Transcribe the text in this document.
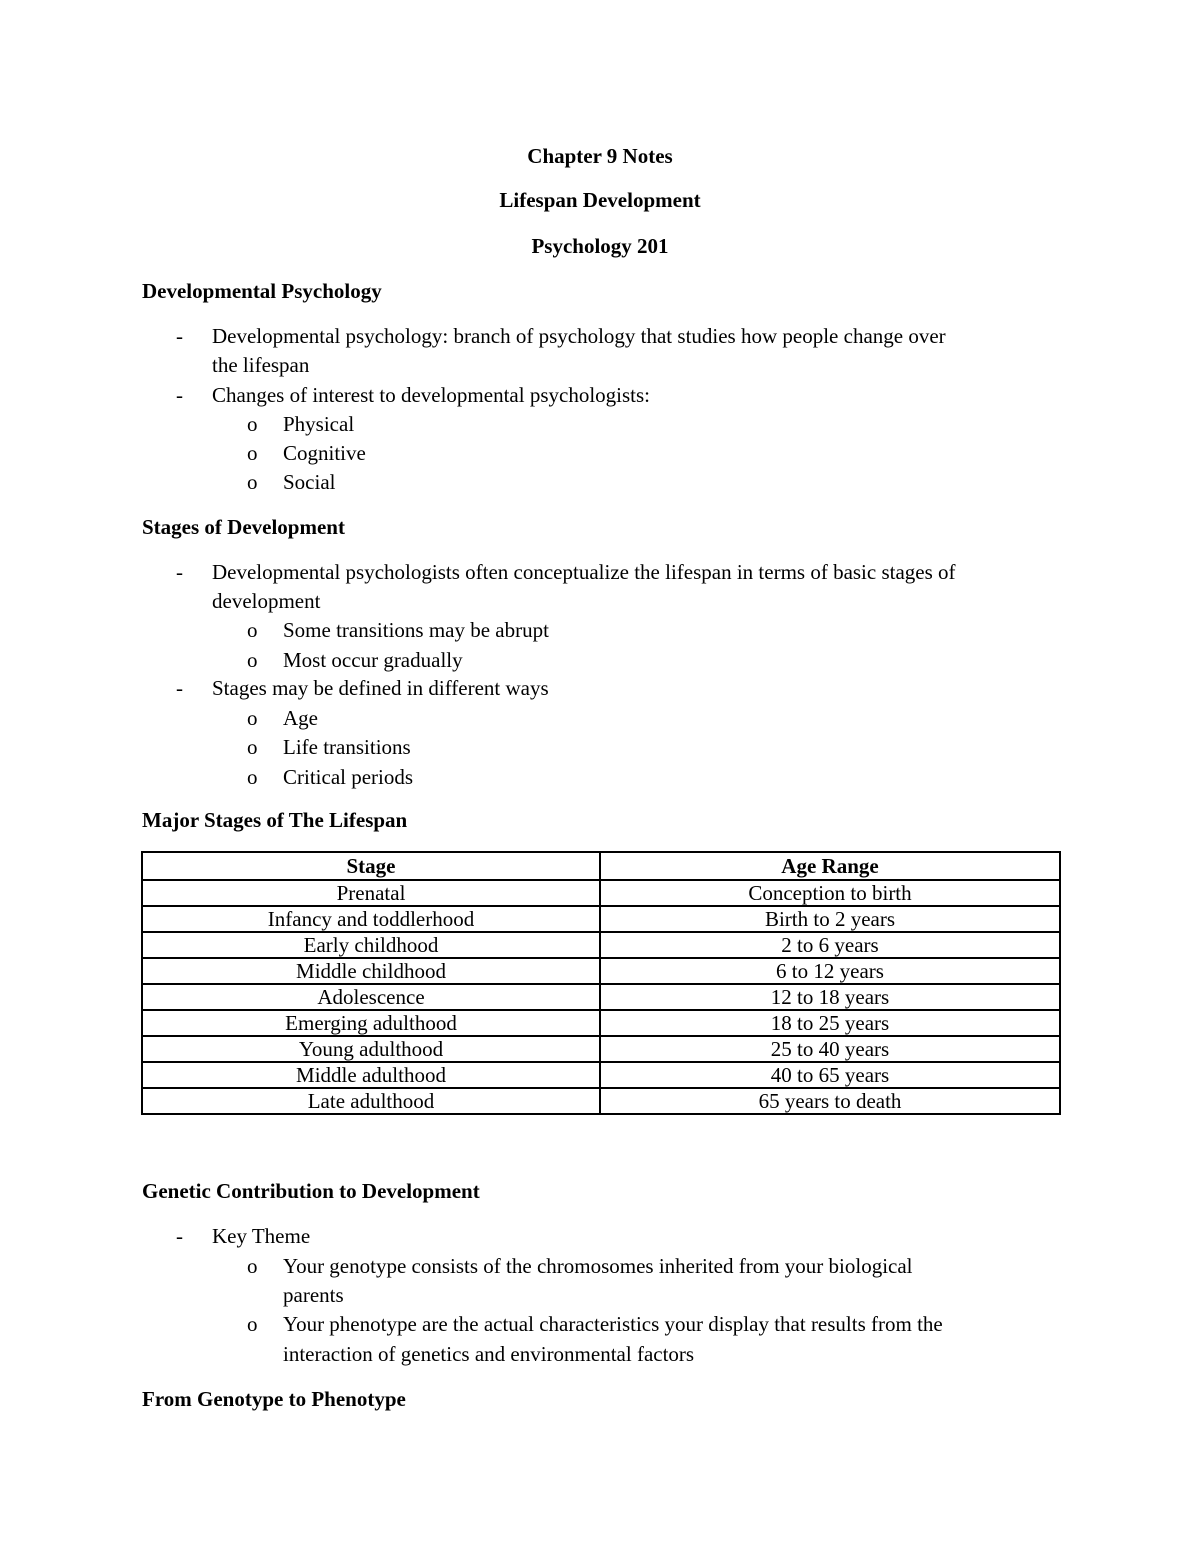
Chapter 9 Notes
Lifespan Development
Psychology 201
Developmental Psychology
- Developmental psychology: branch of psychology that studies how people change over
the lifespan
- Changes of interest to developmental psychologists:
o Physical
o Cognitive
o Social
Stages of Development
- Developmental psychologists often conceptualize the lifespan in terms of basic stages of
development
o Some transitions may be abrupt
o Most occur gradually
- Stages may be defined in different ways
o Age
o Life transitions
o Critical periods
Major Stages of The Lifespan
Stage	Age Range
Prenatal	Conception to birth
Infancy and toddlerhood	Birth to 2 years
Early childhood	2 to 6 years
Middle childhood	6 to 12 years
Adolescence	12 to 18 years
Emerging adulthood	18 to 25 years
Young adulthood	25 to 40 years
Middle adulthood	40 to 65 years
Late adulthood	65 years to death
Genetic Contribution to Development
- Key Theme
o Your genotype consists of the chromosomes inherited from your biological
parents
o Your phenotype are the actual characteristics your display that results from the
interaction of genetics and environmental factors
From Genotype to Phenotype
